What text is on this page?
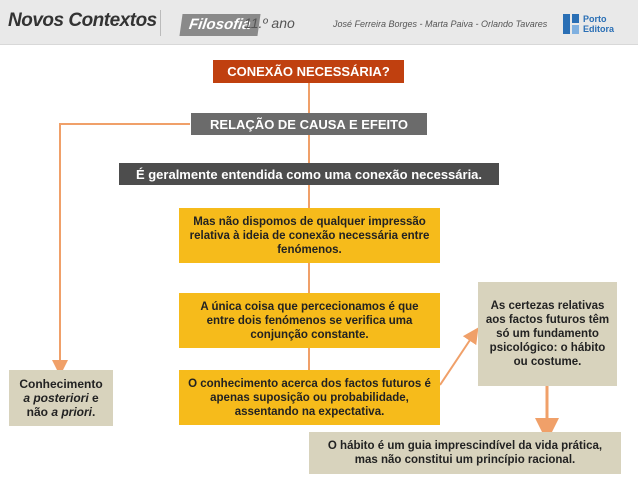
Novos Contextos	Filosofia
11.º ano	José Ferreira Borges - Marta Paiva - Orlando Tavares	Porto
Editora
CONEXÃO NECESSÁRIA?
RELAÇÃO DE CAUSA E EFEITO
É geralmente entendida como uma conexão necessária.
Mas não dispomos de qualquer impressão relativa à ideia de conexão necessária entre fenómenos.
A única coisa que percecionamos é que entre dois fenómenos se verifica uma conjunção constante.
O conhecimento acerca dos factos futuros é apenas suposição ou probabilidade, assentando na expectativa.
Conhecimento
a posteriori e não a priori.
As certezas relativas aos factos futuros têm só um fundamento psicológico: o hábito ou costume.
O hábito é um guia imprescindível da vida prática, mas não constitui um princípio racional.
